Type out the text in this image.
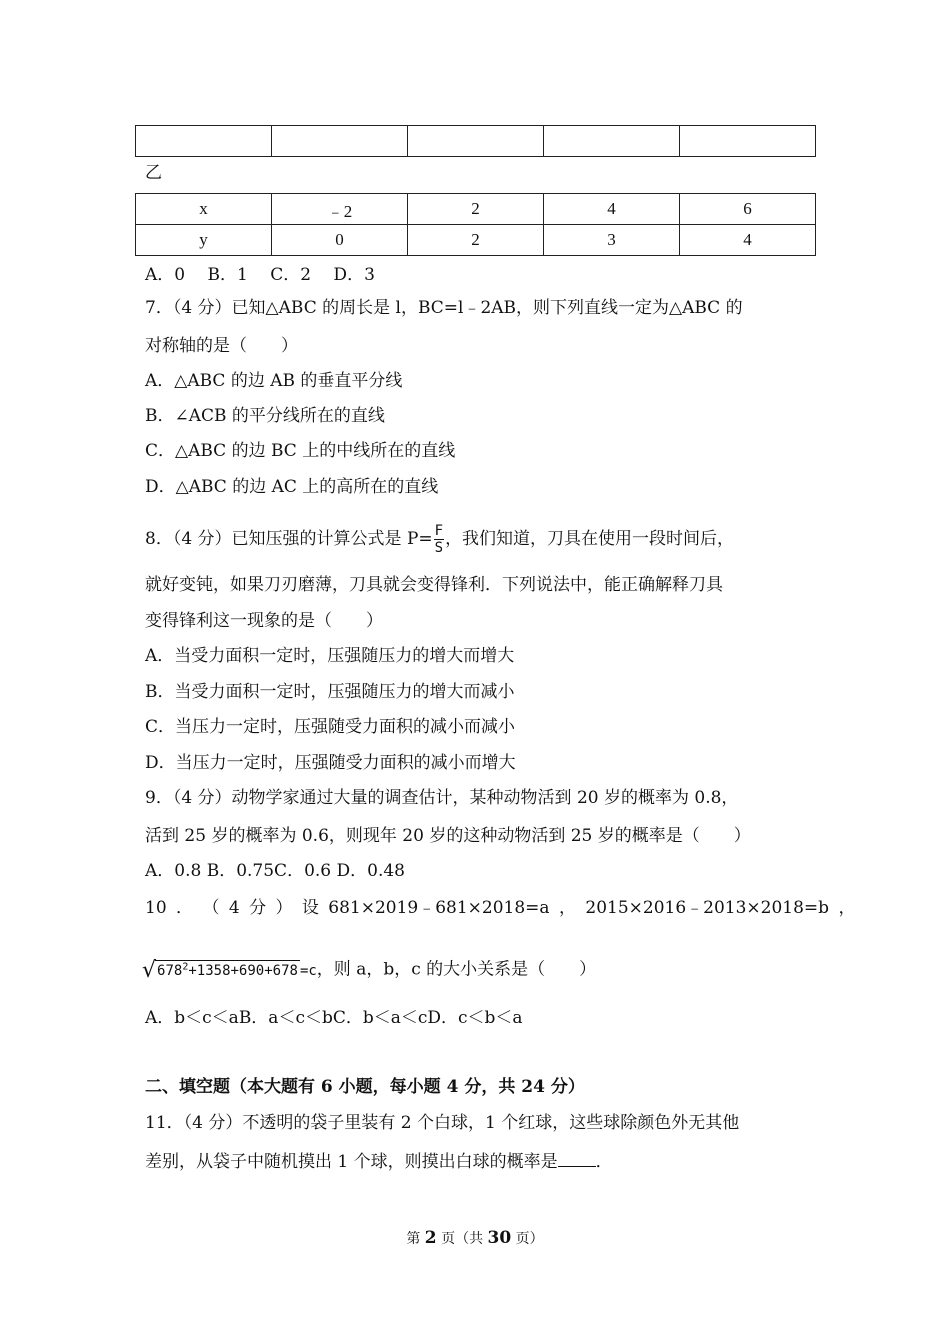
乙
x	﹣2	2	4	6
y	0	2	3	4
A．0　 B．1　 C．2　 D．3
7．（4 分）已知△ABC 的周长是 l，BC=l﹣2AB，则下列直线一定为△ABC 的
对称轴的是（　　）
A．△ABC 的边 AB 的垂直平分线
B．∠ACB 的平分线所在的直线
C．△ABC 的边 BC 上的中线所在的直线
D．△ABC 的边 AC 上的高所在的直线
8．（4 分）已知压强的计算公式是 $P= \frac{F}{S}$ ，我们知道，刀具在使用一段时间后，
就好变钝，如果刀刃磨薄，刀具就会变得锋利．下列说法中，能正确解释刀具
变得锋利这一现象的是（　　）
A．当受力面积一定时，压强随压力的增大而增大
B．当受力面积一定时，压强随压力的增大而减小
C．当压力一定时，压强随受力面积的减小而减小
D．当压力一定时，压强随受力面积的减小而增大
9．（4 分）动物学家通过大量的调查估计，某种动物活到 20 岁的概率为 0.8，
活到 25 岁的概率为 0.6，则现年 20 岁的这种动物活到 25 岁的概率是（　　）
A．0.8 B．0.75C．0.6 D．0.48
10 ． （ 4 分 ） 设 681×2019﹣681×2018=a ， 2015×2016﹣2013×2018=b ，
$√678^2+1358+690+678 =c$，则 a，b，c 的大小关系是（　　）
A．b＜c＜aB．a＜c＜bC．b＜a＜cD．c＜b＜a
二、填空题（本大题有 6 小题，每小题 4 分，共 24 分）
11．（4 分）不透明的袋子里装有 2 个白球，1 个红球，这些球除颜色外无其他
差别，从袋子中随机摸出 1 个球，则摸出白球的概率是 ．
第 2 页（共 30 页）
